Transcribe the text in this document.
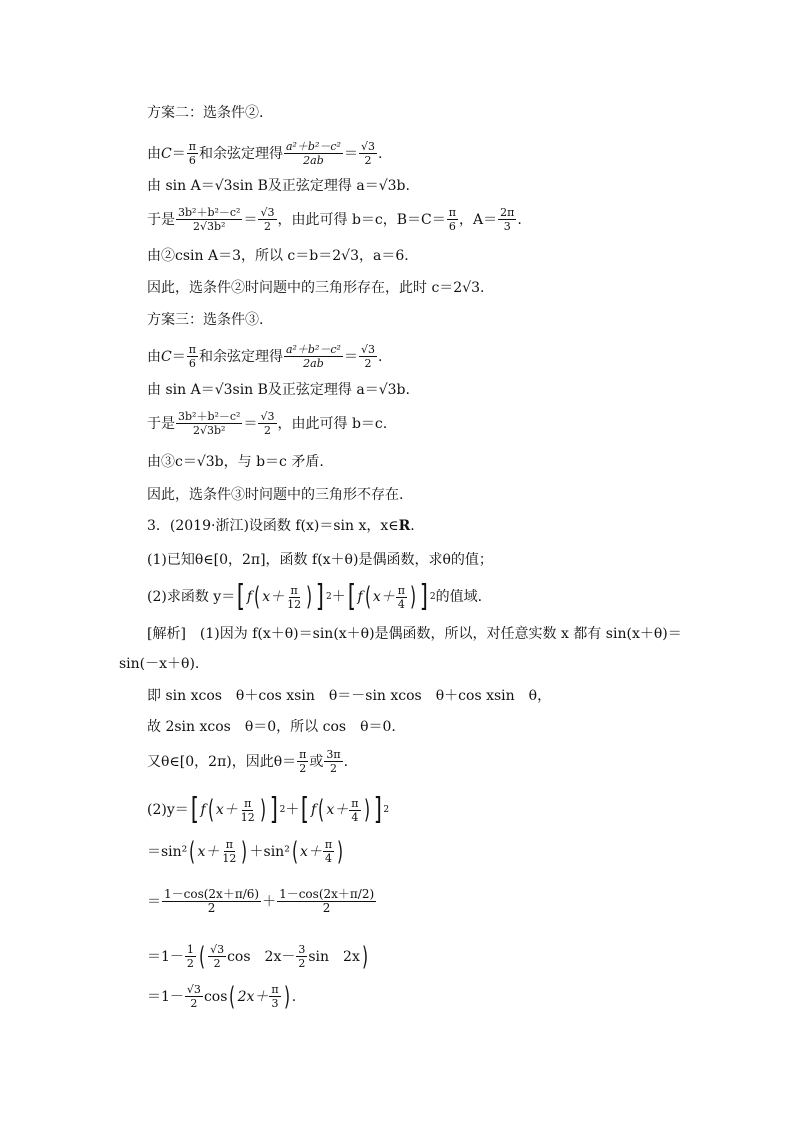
方案二：选条件②.
由 $C = \frac{\pi}{6}$ 和余弦定理得 $\frac{\text{a²＋b²－c²}}{2ab} = \frac{√3}{2}$ .
由 sin A＝√3sin B及正弦定理得 a＝√3b.
于是 $\frac{\text{3b²＋b²－c²}}{\text{2√3b²}} = \frac{√3}{2}$ ，由此可得 b＝c，$B=C= \frac{\pi}{6}$ ，$A= \frac{2\pi}{3}$ .
由②csin A＝3，所以 c＝b＝2√3，a＝6.
因此，选条件②时问题中的三角形存在，此时 c＝2√3.
方案三：选条件③.
由 $C = \frac{\pi}{6}$ 和余弦定理得 $\frac{\text{a²＋b²－c²}}{2ab} = \frac{√3}{2}$ .
由 sin A＝√3sin B及正弦定理得 a＝√3b.
于是 $\frac{\text{3b²＋b²－c²}}{\text{2√3b²}} = \frac{√3}{2}$ ，由此可得 b＝c.
由③c＝√3b，与 b＝c 矛盾.
因此，选条件③时问题中的三角形不存在.
3．(2019·浙江)设函数 f(x)＝sin x，x∈ R .
(1)已知θ∈[0，2π]，函数 f(x＋θ)是偶函数，求θ的值；
(2)求函数 y＝ [ f ( $x+ \frac{\pi}{12}$ ) ] 2 ＋ [ f ( $x+ \frac{\pi}{4}$ ) ] 2 的值域.
[解析]　(1)因为 f(x＋θ)＝sin(x＋θ)是偶函数，所以，对任意实数 x 都有 sin(x＋θ)＝
sin(－x＋θ).
即 sin xcos　θ＋cos xsin　θ＝－sin xcos　θ＋cos xsin　θ，
故 2sin xcos　θ＝0，所以 cos　θ＝0.
又θ∈[0，2π)，因此$\theta= \frac{\pi}{2}$ 或 $\frac{3\pi}{2}$ .
(2)y＝ [ f ( $x+ \frac{\pi}{12}$ ) ] 2 ＋ [ f ( $x+ \frac{\pi}{4}$ ) ] 2
＝sin² ( $x+ \frac{\pi}{12}$ ) ＋sin² ( $x+ \frac{\pi}{4}$ )
＝ $\frac{1-\cos(2x+\pi/6)}{2} + \frac{1-\cos(2x+\pi/2)}{2}$
$=1- \frac{1}{2}$ ( $\frac{√3}{2}$ cos　$2x- \frac{3}{2}$ sin　2x )
$=1- \frac{√3}{2}$ cos ( $2x+ \frac{\pi}{3}$ ) .
